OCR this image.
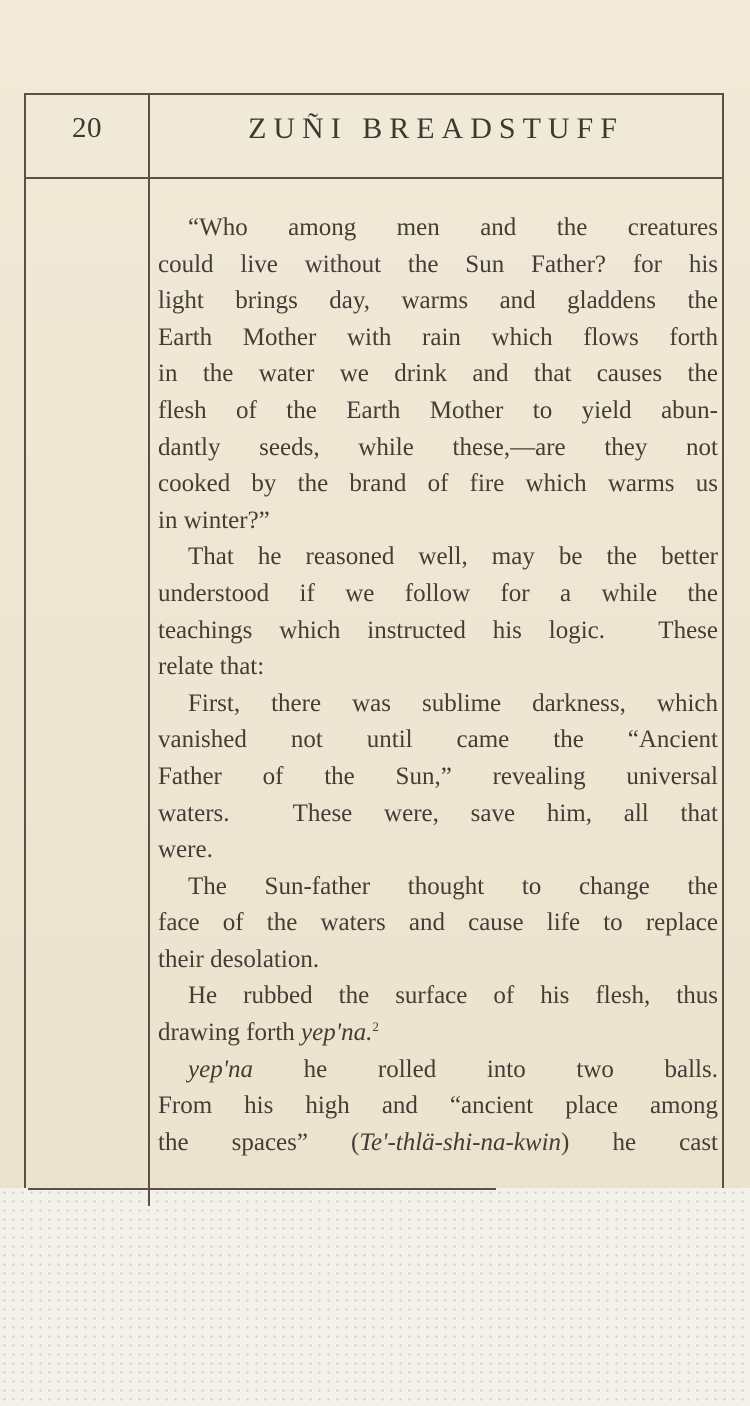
20	ZUÑI BREADSTUFF
“Who among men and the creatures
could live without the Sun Father? for his
light brings day, warms and gladdens the
Earth Mother with rain which flows forth
in the water we drink and that causes the
flesh of the Earth Mother to yield abun-
dantly seeds, while these,—are they not
cooked by the brand of fire which warms us
in winter?”
That he reasoned well, may be the better
understood if we follow for a while the
teachings which instructed his logic.  These
relate that:
First, there was sublime darkness, which
vanished not until came the “Ancient
Father of the Sun,” revealing universal
waters.  These were, save him, all that
were.
The Sun-father thought to change the
face of the waters and cause life to replace
their desolation.
He rubbed the surface of his flesh, thus
drawing forth yep'na.$^2$
yep'na he rolled into two balls.
From his high and “ancient place among
the spaces” (Te'-thlä-shi-na-kwin) he cast
